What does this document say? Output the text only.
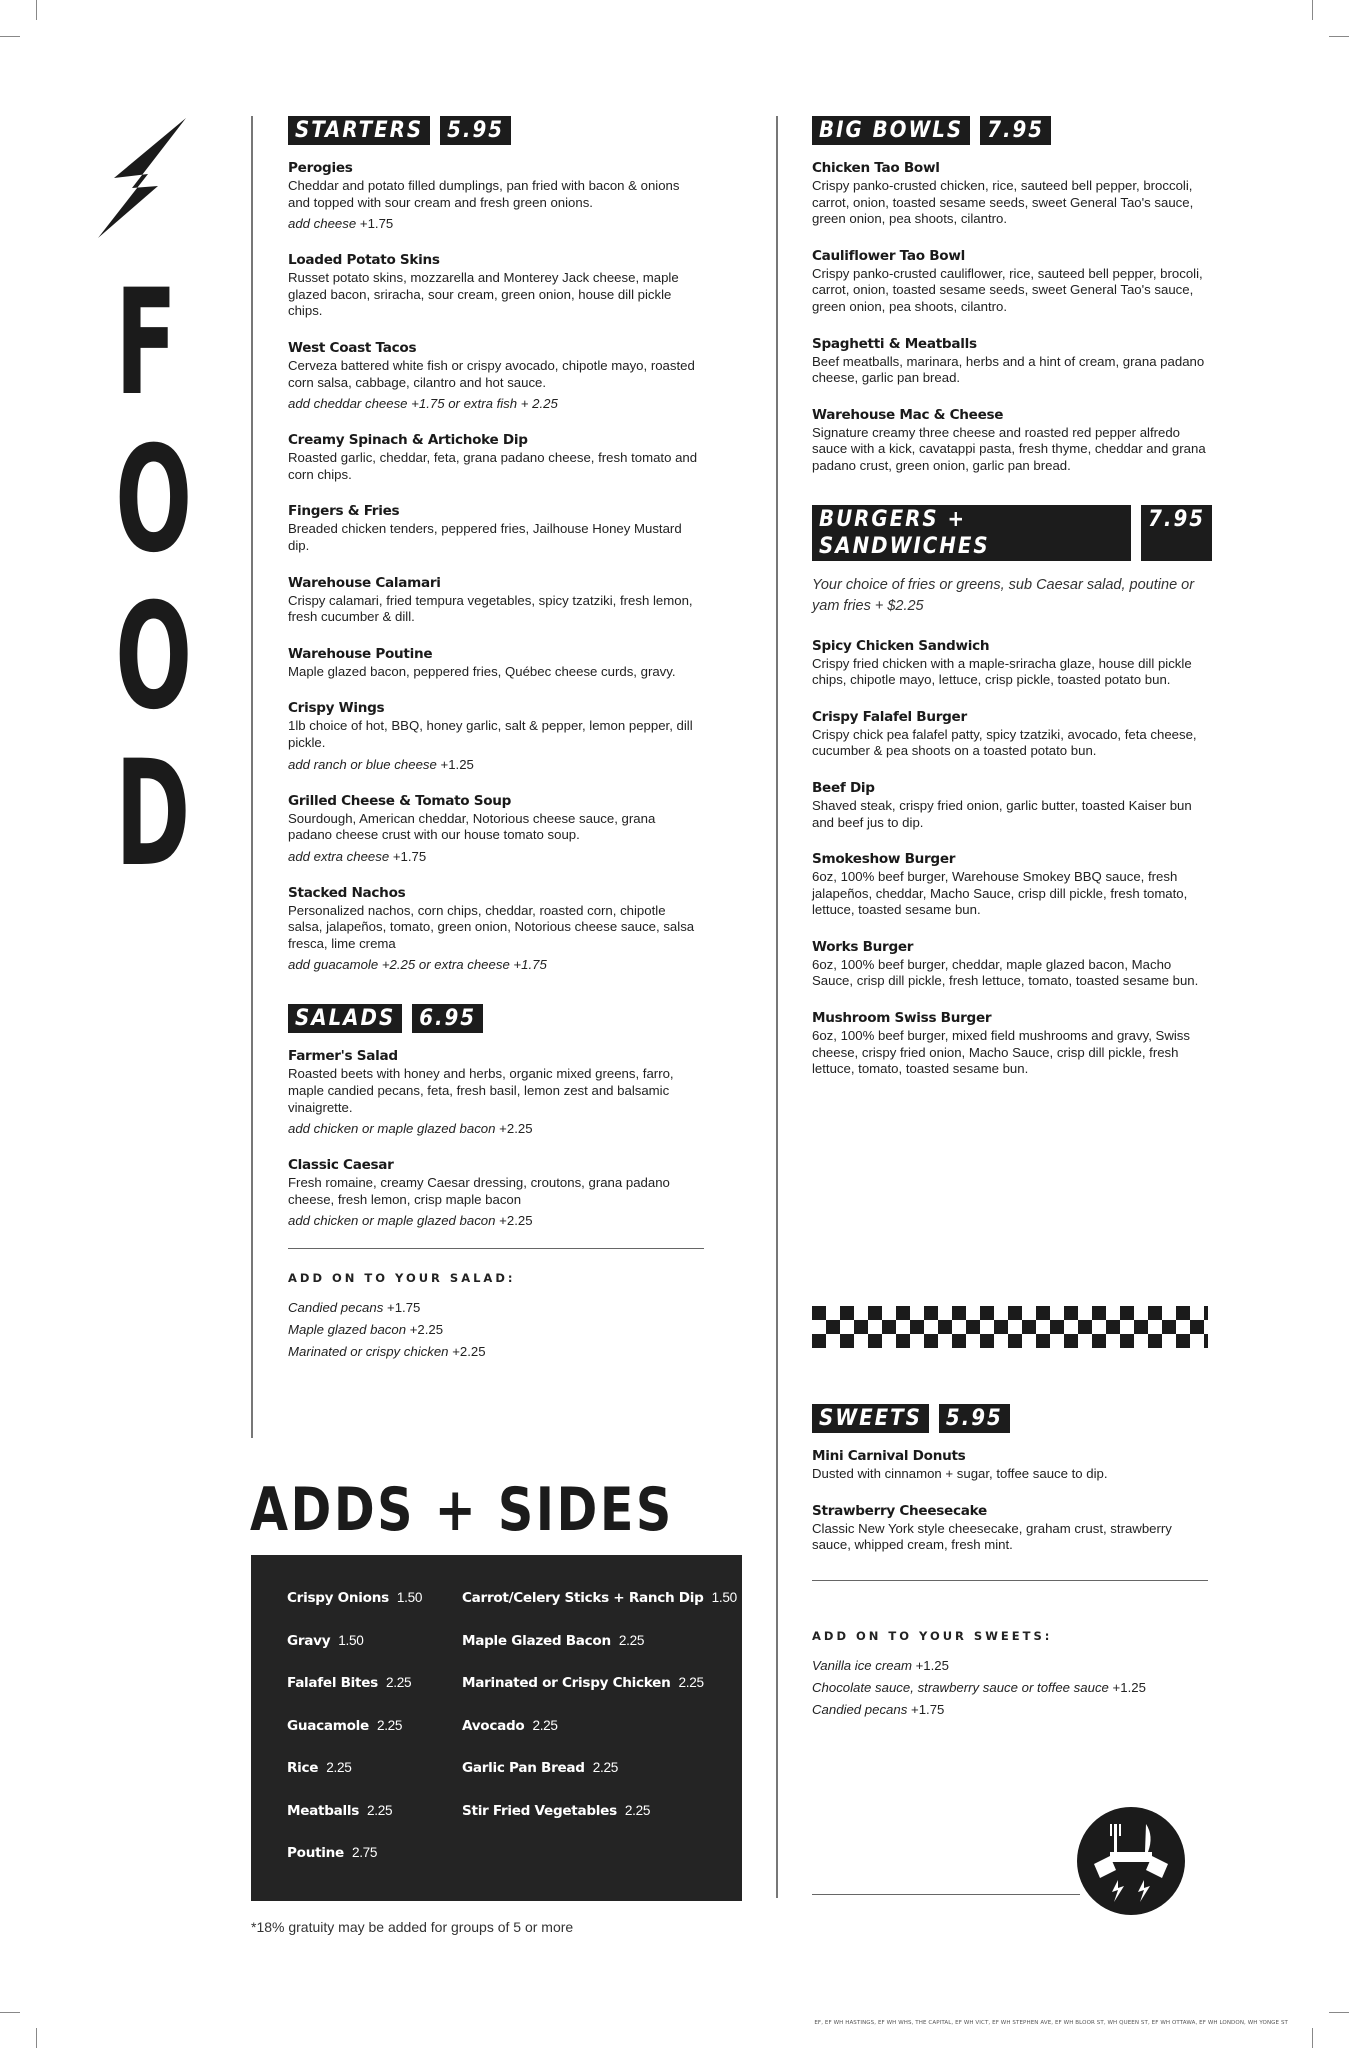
F
O
O
D
STARTERS	5.95
Perogies
Cheddar and potato filled dumplings, pan fried with bacon & onions and topped with sour cream and fresh green onions.
add cheese +1.75
Loaded Potato Skins
Russet potato skins, mozzarella and Monterey Jack cheese, maple glazed bacon, sriracha, sour cream, green onion, house dill pickle chips.
West Coast Tacos
Cerveza battered white fish or crispy avocado, chipotle mayo, roasted corn salsa, cabbage, cilantro and hot sauce.
add cheddar cheese +1.75 or extra fish + 2.25
Creamy Spinach & Artichoke Dip
Roasted garlic, cheddar, feta, grana padano cheese, fresh tomato and corn chips.
Fingers & Fries
Breaded chicken tenders, peppered fries, Jailhouse Honey Mustard dip.
Warehouse Calamari
Crispy calamari, fried tempura vegetables, spicy tzatziki, fresh lemon, fresh cucumber & dill.
Warehouse Poutine
Maple glazed bacon, peppered fries, Québec cheese curds, gravy.
Crispy Wings
1lb choice of hot, BBQ, honey garlic, salt & pepper, lemon pepper, dill pickle.
add ranch or blue cheese +1.25
Grilled Cheese & Tomato Soup
Sourdough, American cheddar, Notorious cheese sauce, grana padano cheese crust with our house tomato soup.
add extra cheese +1.75
Stacked Nachos
Personalized nachos, corn chips, cheddar, roasted corn, chipotle salsa, jalapeños, tomato, green onion, Notorious cheese sauce, salsa fresca, lime crema
add guacamole +2.25 or extra cheese +1.75
SALADS	6.95
Farmer's Salad
Roasted beets with honey and herbs, organic mixed greens, farro, maple candied pecans, feta, fresh basil, lemon zest and balsamic vinaigrette.
add chicken or maple glazed bacon +2.25
Classic Caesar
Fresh romaine, creamy Caesar dressing, croutons, grana padano cheese, fresh lemon, crisp maple bacon
add chicken or maple glazed bacon +2.25
ADD ON TO YOUR SALAD:
Candied pecans +1.75
Maple glazed bacon +2.25
Marinated or crispy chicken +2.25
BIG BOWLS	7.95
Chicken Tao Bowl
Crispy panko-crusted chicken, rice, sauteed bell pepper, broccoli, carrot, onion, toasted sesame seeds, sweet General Tao's sauce, green onion, pea shoots, cilantro.
Cauliflower Tao Bowl
Crispy panko-crusted cauliflower, rice, sauteed bell pepper, brocoli, carrot, onion, toasted sesame seeds, sweet General Tao's sauce, green onion, pea shoots, cilantro.
Spaghetti & Meatballs
Beef meatballs, marinara, herbs and a hint of cream, grana padano cheese, garlic pan bread.
Warehouse Mac & Cheese
Signature creamy three cheese and roasted red pepper alfredo sauce with a kick, cavatappi pasta, fresh thyme, cheddar and grana padano crust, green onion, garlic pan bread.
BURGERS + SANDWICHES
7.95
Your choice of fries or greens, sub Caesar salad, poutine or yam fries + $2.25
Spicy Chicken Sandwich
Crispy fried chicken with a maple-sriracha glaze, house dill pickle chips, chipotle mayo, lettuce, crisp pickle, toasted potato bun.
Crispy Falafel Burger
Crispy chick pea falafel patty, spicy tzatziki, avocado, feta cheese, cucumber & pea shoots on a toasted potato bun.
Beef Dip
Shaved steak, crispy fried onion, garlic butter, toasted Kaiser bun and beef jus to dip.
Smokeshow Burger
6oz, 100% beef burger, Warehouse Smokey BBQ sauce, fresh jalapeños, cheddar, Macho Sauce, crisp dill pickle, fresh tomato, lettuce, toasted sesame bun.
Works Burger
6oz, 100% beef burger, cheddar, maple glazed bacon, Macho Sauce, crisp dill pickle, fresh lettuce, tomato, toasted sesame bun.
Mushroom Swiss Burger
6oz, 100% beef burger, mixed field mushrooms and gravy, Swiss cheese, crispy fried onion, Macho Sauce, crisp dill pickle, fresh lettuce, tomato, toasted sesame bun.
SWEETS	5.95
Mini Carnival Donuts
Dusted with cinnamon + sugar, toffee sauce to dip.
Strawberry Cheesecake
Classic New York style cheesecake, graham crust, strawberry sauce, whipped cream, fresh mint.
ADD ON TO YOUR SWEETS:
Vanilla ice cream +1.25
Chocolate sauce, strawberry sauce or toffee sauce +1.25
Candied pecans +1.75
ADDS + SIDES
Crispy Onions 1.50
Gravy 1.50
Falafel Bites 2.25
Guacamole 2.25
Rice 2.25
Meatballs 2.25
Poutine 2.75
Carrot/Celery Sticks + Ranch Dip 1.50
Maple Glazed Bacon 2.25
Marinated or Crispy Chicken 2.25
Avocado 2.25
Garlic Pan Bread 2.25
Stir Fried Vegetables 2.25
*18% gratuity may be added for groups of 5 or more
EF, EF WH HASTINGS, EF WH WHS, THE CAPITAL, EF WH VICT, EF WH STEPHEN AVE, EF WH BLOOR ST, WH QUEEN ST, EF WH OTTAWA, EF WH LONDON, WH YONGE ST
